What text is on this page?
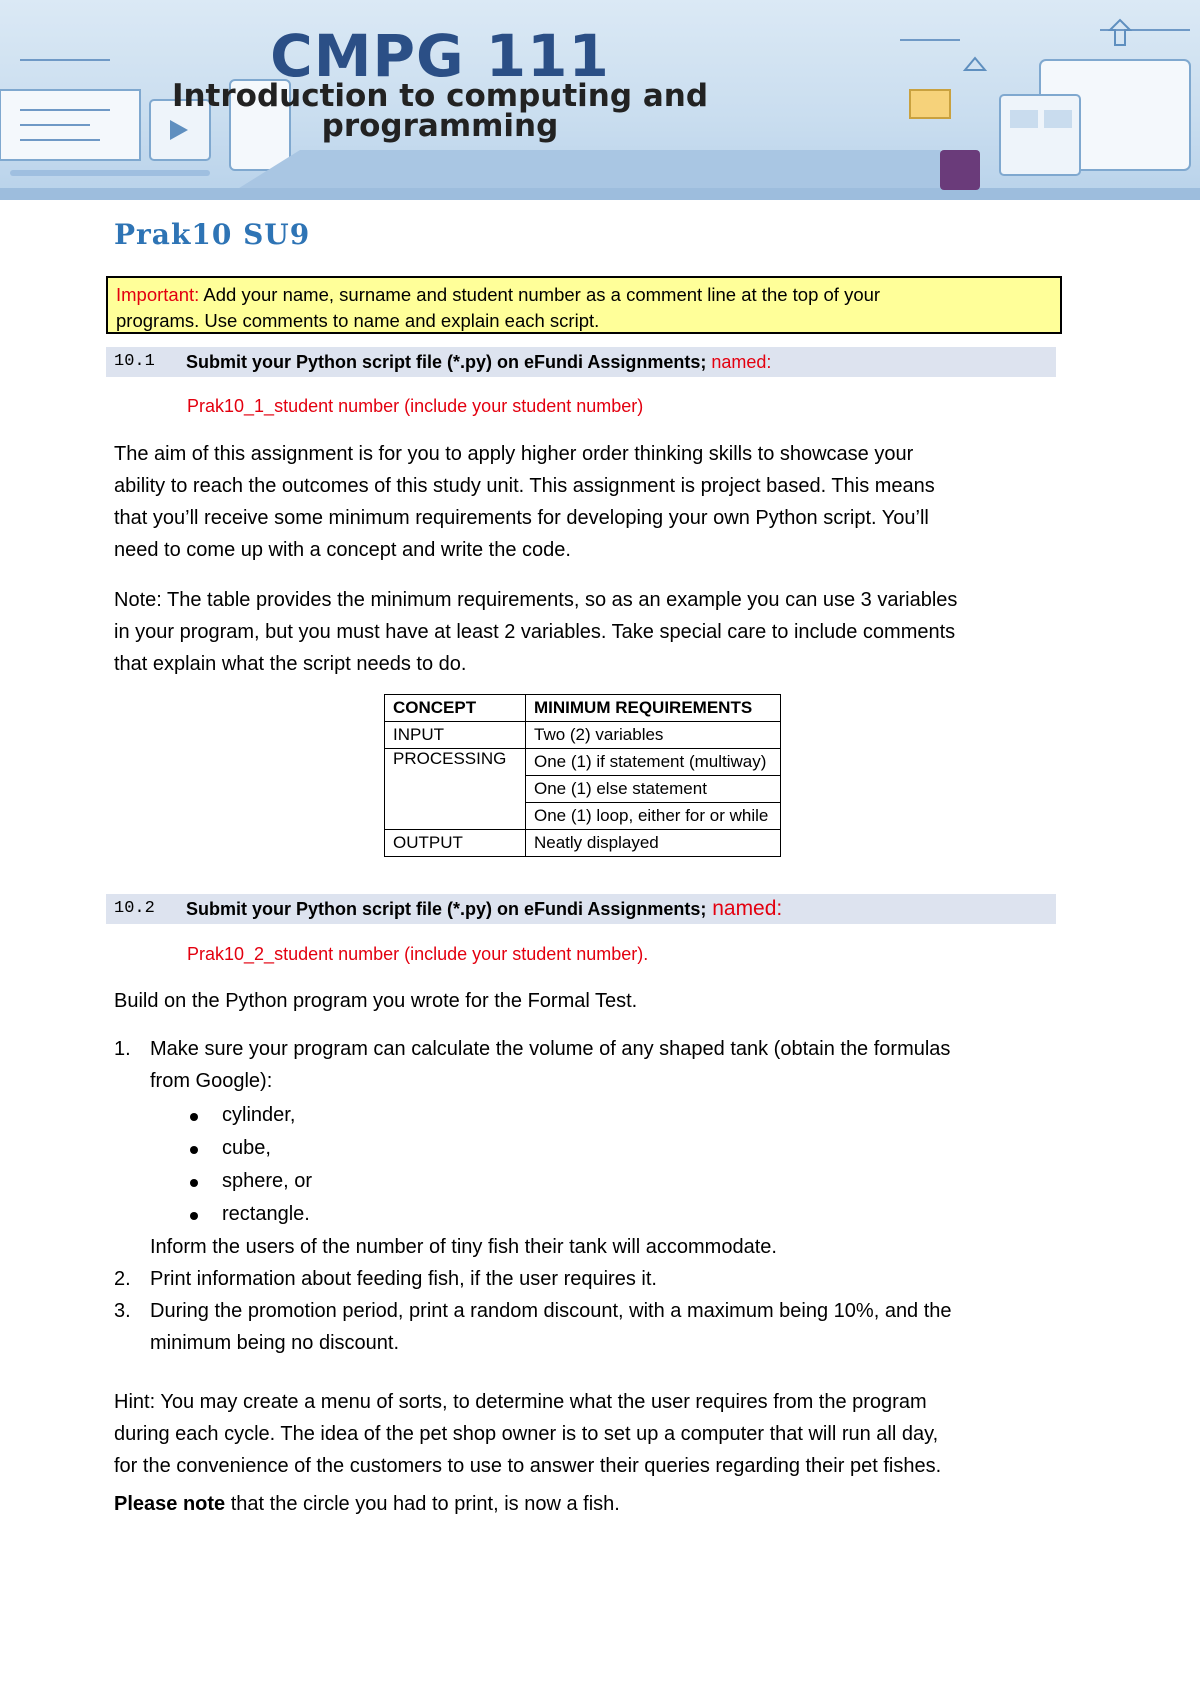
CMPG 111
Introduction to computing and
programming
Prak10 SU9
Important: Add your name, surname and student number as a comment line at the top of your
programs. Use comments to name and explain each script.
10.1 Submit your Python script file (*.py) on eFundi Assignments; named:
Prak10_1_student number (include your student number)
The aim of this assignment is for you to apply higher order thinking skills to showcase your
ability to reach the outcomes of this study unit. This assignment is project based. This means
that you’ll receive some minimum requirements for developing your own Python script. You’ll
need to come up with a concept and write the code.
Note: The table provides the minimum requirements, so as an example you can use 3 variables
in your program, but you must have at least 2 variables. Take special care to include comments
that explain what the script needs to do.
CONCEPT	MINIMUM REQUIREMENTS
INPUT	Two (2) variables
PROCESSING	One (1) if statement (multiway)
	One (1) else statement
	One (1) loop, either for or while
OUTPUT	Neatly displayed
10.2 Submit your Python script file (*.py) on eFundi Assignments; named:
Prak10_2_student number (include your student number).
Build on the Python program you wrote for the Formal Test.
1. Make sure your program can calculate the volume of any shaped tank (obtain the formulas
from Google):
cylinder,
cube,
sphere, or
rectangle.
Inform the users of the number of tiny fish their tank will accommodate.
2. Print information about feeding fish, if the user requires it.
3. During the promotion period, print a random discount, with a maximum being 10%, and the
minimum being no discount.
Hint: You may create a menu of sorts, to determine what the user requires from the program
during each cycle. The idea of the pet shop owner is to set up a computer that will run all day,
for the convenience of the customers to use to answer their queries regarding their pet fishes.
Please note that the circle you had to print, is now a fish.
